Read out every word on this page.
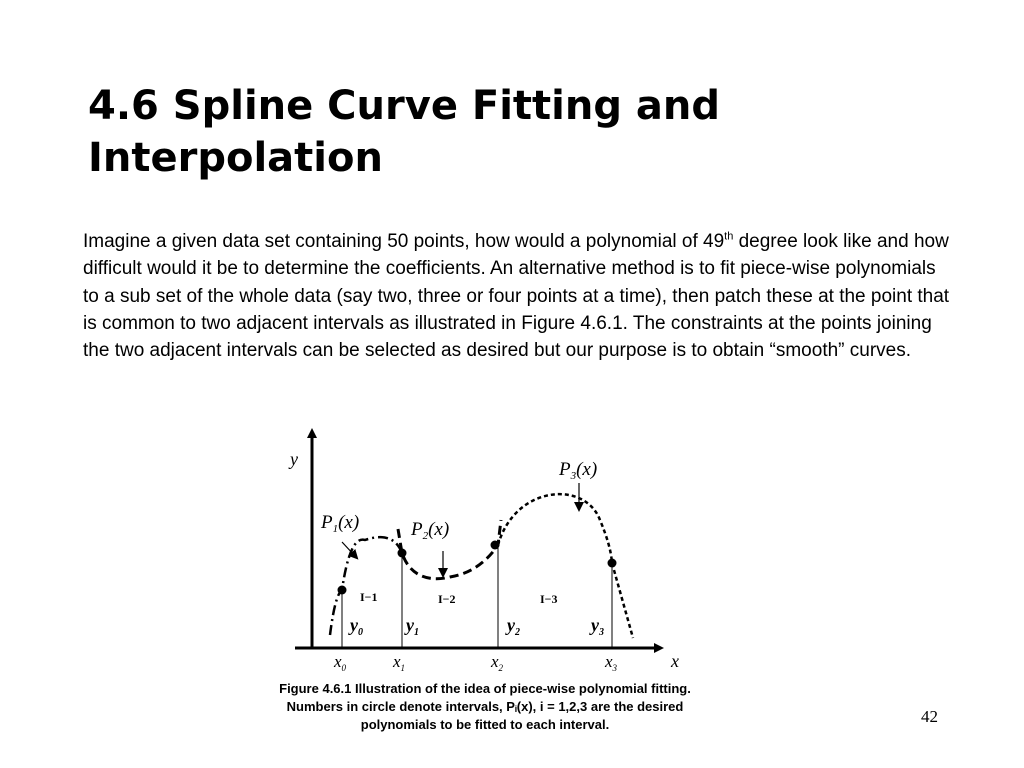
4.6 Spline Curve Fitting and
Interpolation

Imagine a given data set containing 50 points, how would a polynomial of 49th degree look like and how difficult would it be to determine the coefficients. An alternative method is to fit piece-wise polynomials to a sub set of the whole data (say two, three or four points at a time), then patch these at the point that is common to two adjacent intervals as illustrated in Figure 4.6.1. The constraints at the points joining the two adjacent intervals can be selected as desired but our purpose is to obtain “smooth” curves.

y
x
$P_1(x)$	$P_2(x)$
$P_3(x)$
I−1	I−2	I−3
$y_0$ $y_1$	$y_2$	$y_3$
$x_0$	$x_1$	$x_2$	$x_3$
Figure 4.6.1 Illustration of the idea of piece-wise polynomial fitting.
Numbers in circle denote intervals, Pᵢ(x), i = 1,2,3 are the desired
polynomials to be fitted to each interval.	42
